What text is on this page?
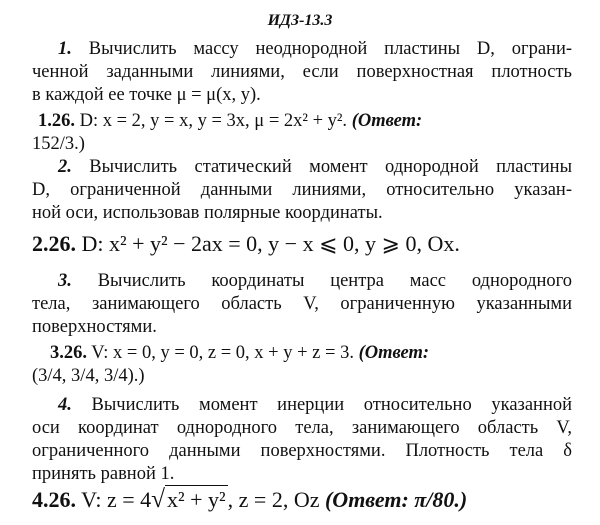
ИДЗ-13.3
1. Вычислить массу неоднородной пластины D, ограни-
ченной заданными линиями, если поверхностная плотность
в каждой ее точке μ = μ(x, y).
1.26. D: x = 2, y = x, y = 3x, μ = 2x² + y². (Ответ:
152/3.)
2. Вычислить статический момент однородной пластины
D, ограниченной данными линиями, относительно указан-
ной оси, использовав полярные координаты.
2.26. D: x² + y² − 2ax = 0, y − x ⩽ 0, y ⩾ 0, Ox.
3. Вычислить координаты центра масс однородного
тела, занимающего область V, ограниченную указанными
поверхностями.
3.26. V: x = 0, y = 0, z = 0, x + y + z = 3. (Ответ:
(3/4, 3/4, 3/4).)
4. Вычислить момент инерции относительно указанной
оси координат однородного тела, занимающего область V,
ограниченного данными поверхностями. Плотность тела δ
принять равной 1.
4.26. V: z = 4√x² + y², z = 2, Oz (Ответ: π/80.)
